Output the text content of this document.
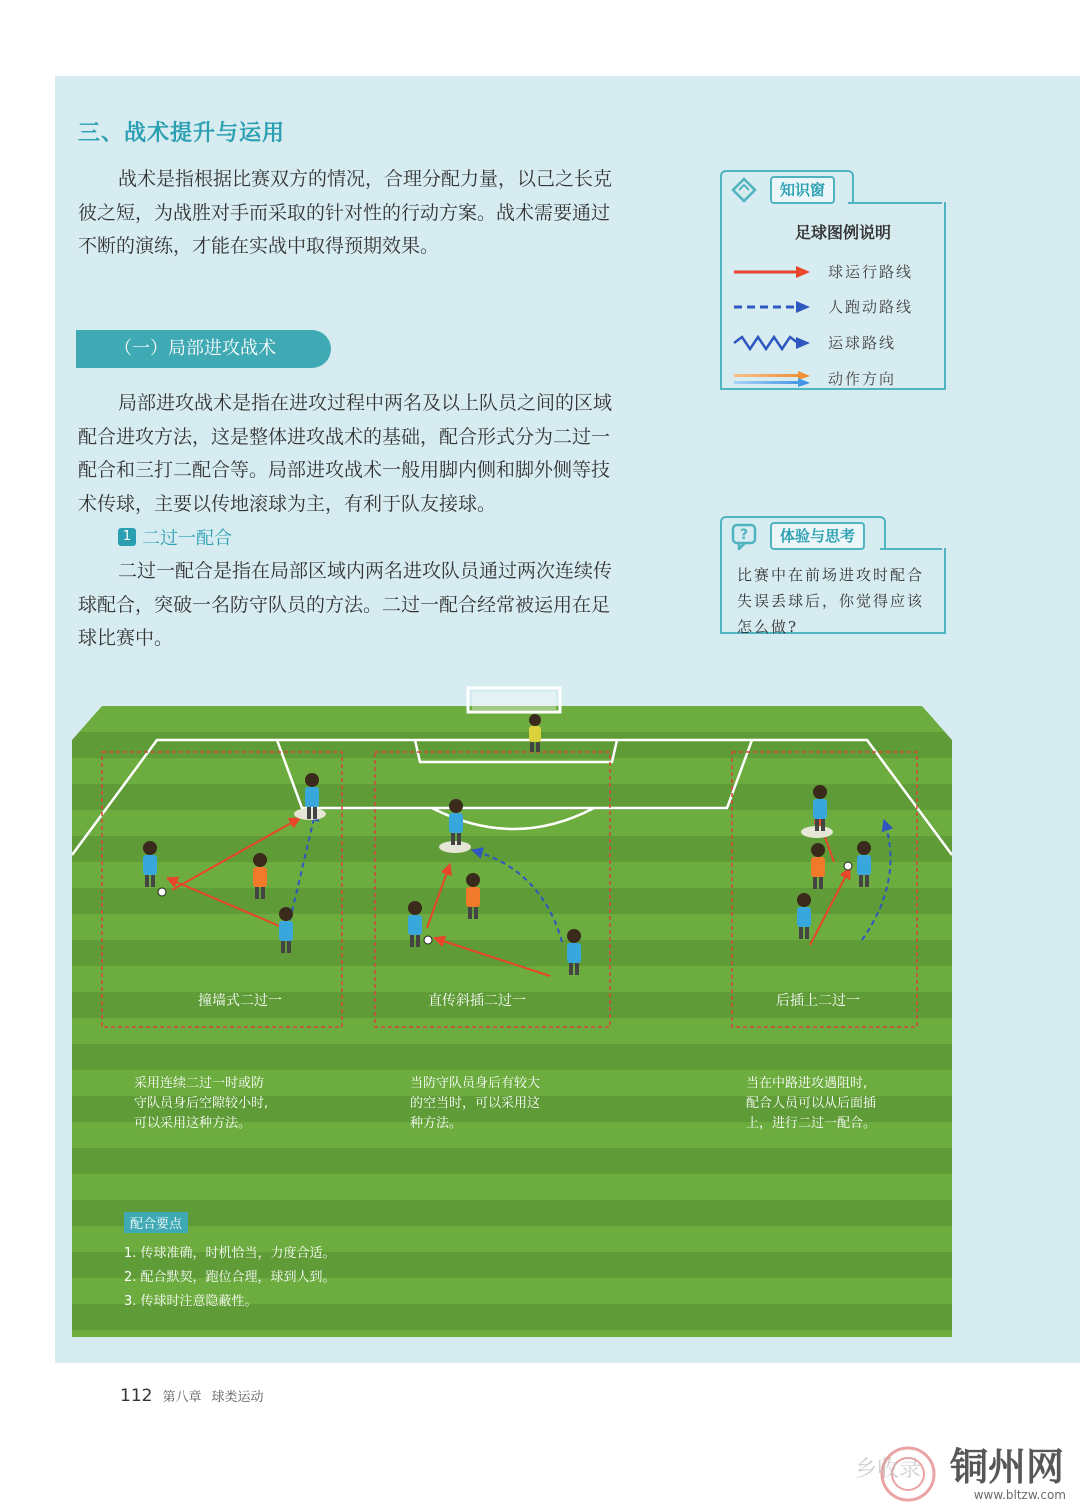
三、战术提升与运用
战术是指根据比赛双方的情况，合理分配力量，以己之长克
彼之短，为战胜对手而采取的针对性的行动方案。战术需要通过
不断的演练，才能在实战中取得预期效果。
（一）局部进攻战术
局部进攻战术是指在进攻过程中两名及以上队员之间的区域
配合进攻方法，这是整体进攻战术的基础，配合形式分为二过一
配合和三打二配合等。局部进攻战术一般用脚内侧和脚外侧等技
术传球，主要以传地滚球为主，有利于队友接球。
1 二过一配合
二过一配合是指在局部区域内两名进攻队员通过两次连续传
球配合，突破一名防守队员的方法。二过一配合经常被运用在足
球比赛中。
知识窗
足球图例说明
球运行路线
人跑动路线
运球路线
动作方向
?	体验与思考
比赛中在前场进攻时配合失误丢球后，你觉得应该怎么做?
撞墙式二过一	直传斜插二过一	后插上二过一
采用连续二过一时或防
守队员身后空隙较小时,
可以采用这种方法。
当防守队员身后有较大
的空当时，可以采用这
种方法。
当在中路进攻遇阻时,
配合人员可以从后面插
上，进行二过一配合。
配合要点
1. 传球准确，时机恰当，力度合适。
2. 配合默契，跑位合理，球到人到。
3. 传球时注意隐蔽性。
112 第八章 球类运动
乡收录 铜州网
www.bltzw.com
